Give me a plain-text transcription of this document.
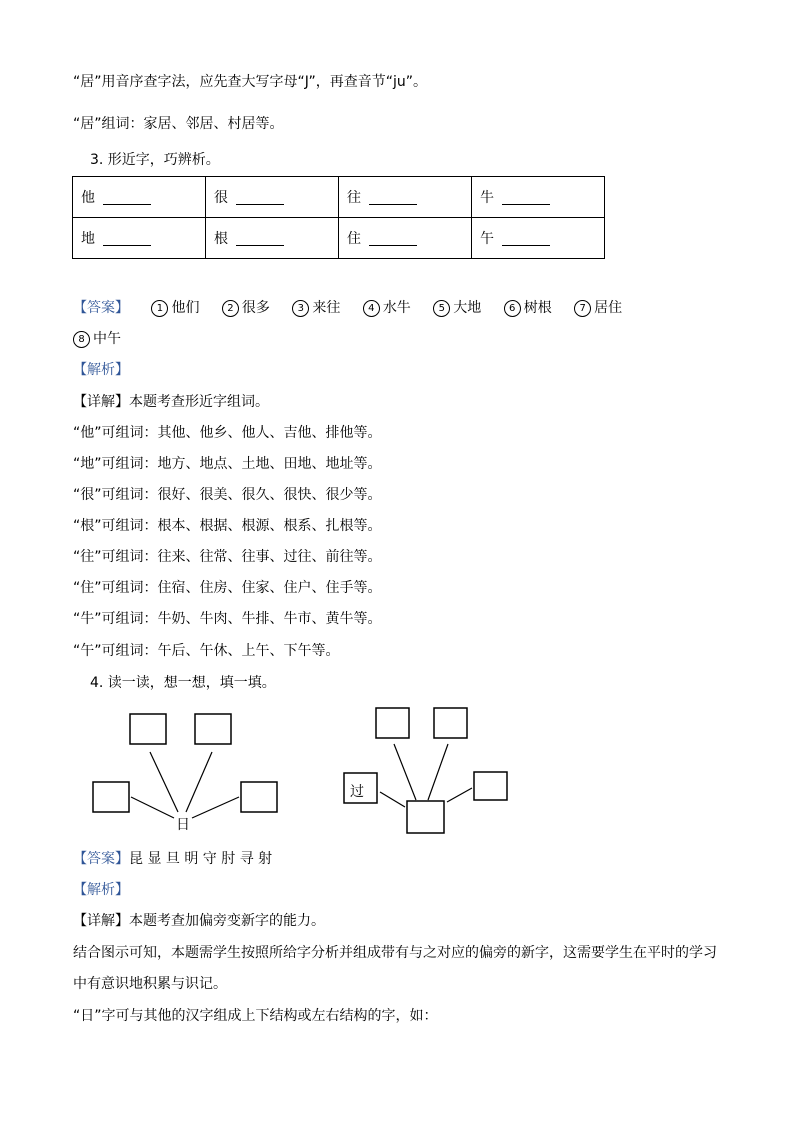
“居”用音序查字法，应先查大写字母“J”，再查音节“ju”。
“居”组词：家居、邻居、村居等。
3. 形近字，巧辨析。
他	很	往	牛
地	根	住	午
【答案】	1 他们	2 很多	3 来往	4 水牛	5 大地	6 树根	7 居住
8 中午
【解析】
【详解】本题考查形近字组词。
“他”可组词：其他、他乡、他人、吉他、排他等。
“地”可组词：地方、地点、土地、田地、地址等。
“很”可组词：很好、很美、很久、很快、很少等。
“根”可组词：根本、根据、根源、根系、扎根等。
“往”可组词：往来、往常、往事、过往、前往等。
“住”可组词：住宿、住房、住家、住户、住手等。
“牛”可组词：牛奶、牛肉、牛排、牛市、黄牛等。
“午”可组词：午后、午休、上午、下午等。
4. 读一读，想一想，填一填。
日
过
【答案】昆 显 旦 明 守 肘 寻 射
【解析】
【详解】本题考查加偏旁变新字的能力。
结合图示可知，本题需学生按照所给字分析并组成带有与之对应的偏旁的新字，这需要学生在平时的学习
中有意识地积累与识记。
“日”字可与其他的汉字组成上下结构或左右结构的字，如：
